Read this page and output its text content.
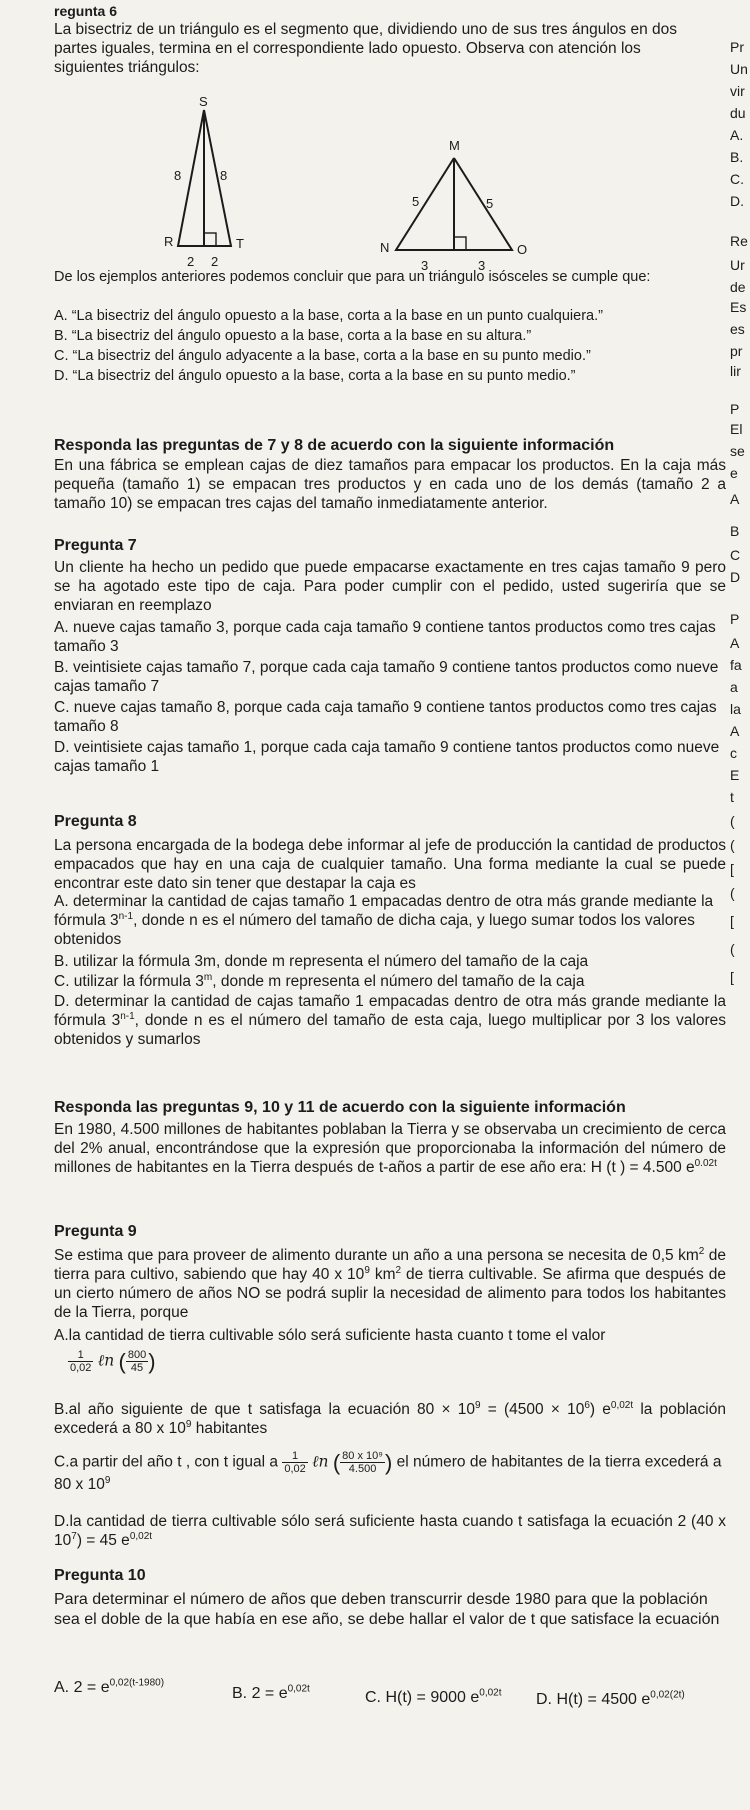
regunta 6
La bisectriz de un triángulo es el segmento que, dividiendo uno de sus tres ángulos en dos partes iguales, termina en el correspondiente lado opuesto. Observa con atención los siguientes triángulos:
S
R	T
8	8
2 2
M
N	O
5	5
3	3
De los ejemplos anteriores podemos concluir que para un triángulo isósceles se cumple que:
A. “La bisectriz del ángulo opuesto a la base, corta a la base en un punto cualquiera.”
B. “La bisectriz del ángulo opuesto a la base, corta a la base en su altura.”
C. “La bisectriz del ángulo adyacente a la base, corta a la base en su punto medio.”
D. “La bisectriz del ángulo opuesto a la base, corta a la base en su punto medio.”
Responda las preguntas de 7 y 8 de acuerdo con la siguiente información
En una fábrica se emplean cajas de diez tamaños para empacar los productos. En la caja más pequeña (tamaño 1) se empacan tres productos y en cada uno de los demás (tamaño 2 a tamaño 10) se empacan tres cajas del tamaño inmediatamente anterior.
Pregunta 7
Un cliente ha hecho un pedido que puede empacarse exactamente en tres cajas tamaño 9 pero se ha agotado este tipo de caja. Para poder cumplir con el pedido, usted sugeriría que se enviaran en reemplazo
A. nueve cajas tamaño 3, porque cada caja tamaño 9 contiene tantos productos como tres cajas tamaño 3
B. veintisiete cajas tamaño 7, porque cada caja tamaño 9 contiene tantos productos como nueve cajas tamaño 7
C. nueve cajas tamaño 8, porque cada caja tamaño 9 contiene tantos productos como tres cajas tamaño 8
D. veintisiete cajas tamaño 1, porque cada caja tamaño 9 contiene tantos productos como nueve cajas tamaño 1
Pregunta 8
La persona encargada de la bodega debe informar al jefe de producción la cantidad de productos empacados que hay en una caja de cualquier tamaño. Una forma mediante la cual se puede encontrar este dato sin tener que destapar la caja es
A. determinar la cantidad de cajas tamaño 1 empacadas dentro de otra más grande mediante la fórmula 3$^{n-1}$, donde n es el número del tamaño de dicha caja, y luego sumar todos los valores obtenidos
B. utilizar la fórmula 3m, donde m representa el número del tamaño de la caja
C. utilizar la fórmula 3$^m$, donde m representa el número del tamaño de la caja
D. determinar la cantidad de cajas tamaño 1 empacadas dentro de otra más grande mediante la fórmula 3$^{n-1}$, donde n es el número del tamaño de esta caja, luego multiplicar por 3 los valores obtenidos y sumarlos
Responda las preguntas 9, 10 y 11 de acuerdo con la siguiente información
En 1980, 4.500 millones de habitantes poblaban la Tierra y se observaba un crecimiento de cerca del 2% anual, encontrándose que la expresión que proporcionaba la información del número de millones de habitantes en la Tierra después de t-años a partir de ese año era: H (t ) = 4.500 $e^{0.02t}$
Pregunta 9
Se estima que para proveer de alimento durante un año a una persona se necesita de 0,5 $km^2$ de tierra para cultivo, sabiendo que hay 40 x $10^9$ $km^2$ de tierra cultivable. Se afirma que después de un cierto número de años NO se podrá suplir la necesidad de alimento para todos los habitantes de la Tierra, porque
A.la cantidad de tierra cultivable sólo será suficiente hasta cuanto t tome el valor

$\frac{1}{0,02}$ ℓn ( $\frac{800}{45}$ )
B.al año siguiente de que t satisfaga la ecuación $80 \times 10^9 = (4500 \times 10^6)$ $e^{0,02t}$ la población excederá a 80 x $10^9$ habitantes
C.a partir del año t , con t igual a $\frac{1}{0,02}$ ℓn ( $\frac{\text{80 x 10⁹}}{4.500}$ ) el número de habitantes de la tierra excederá a 80 x $10^9$
D.la cantidad de tierra cultivable sólo será suficiente hasta cuando t satisfaga la ecuación 2 (40 x $10^7) = 45$ $e^{0,02t}$
Pregunta 10
Para determinar el número de años que deben transcurrir desde 1980 para que la población sea el doble de la que había en ese año, se debe hallar el valor de t que satisface la ecuación
A. $2 = e^{0,02(t-1980)}$
B. $2 = e^{0,02t}$	C. H(t) = 9000 $e^{0,02t}$ D. H(t) = 4500 $e^{0,02(2t)}$
Pr
Un
vir
du
A.
B.
C.
D.
Re
Ur
de
Es
es
pr
lir
P
El
se
e
A
B
C
D
P
A
fa
a
la
A
c
E
t
(
(
[
(
[
(
[
